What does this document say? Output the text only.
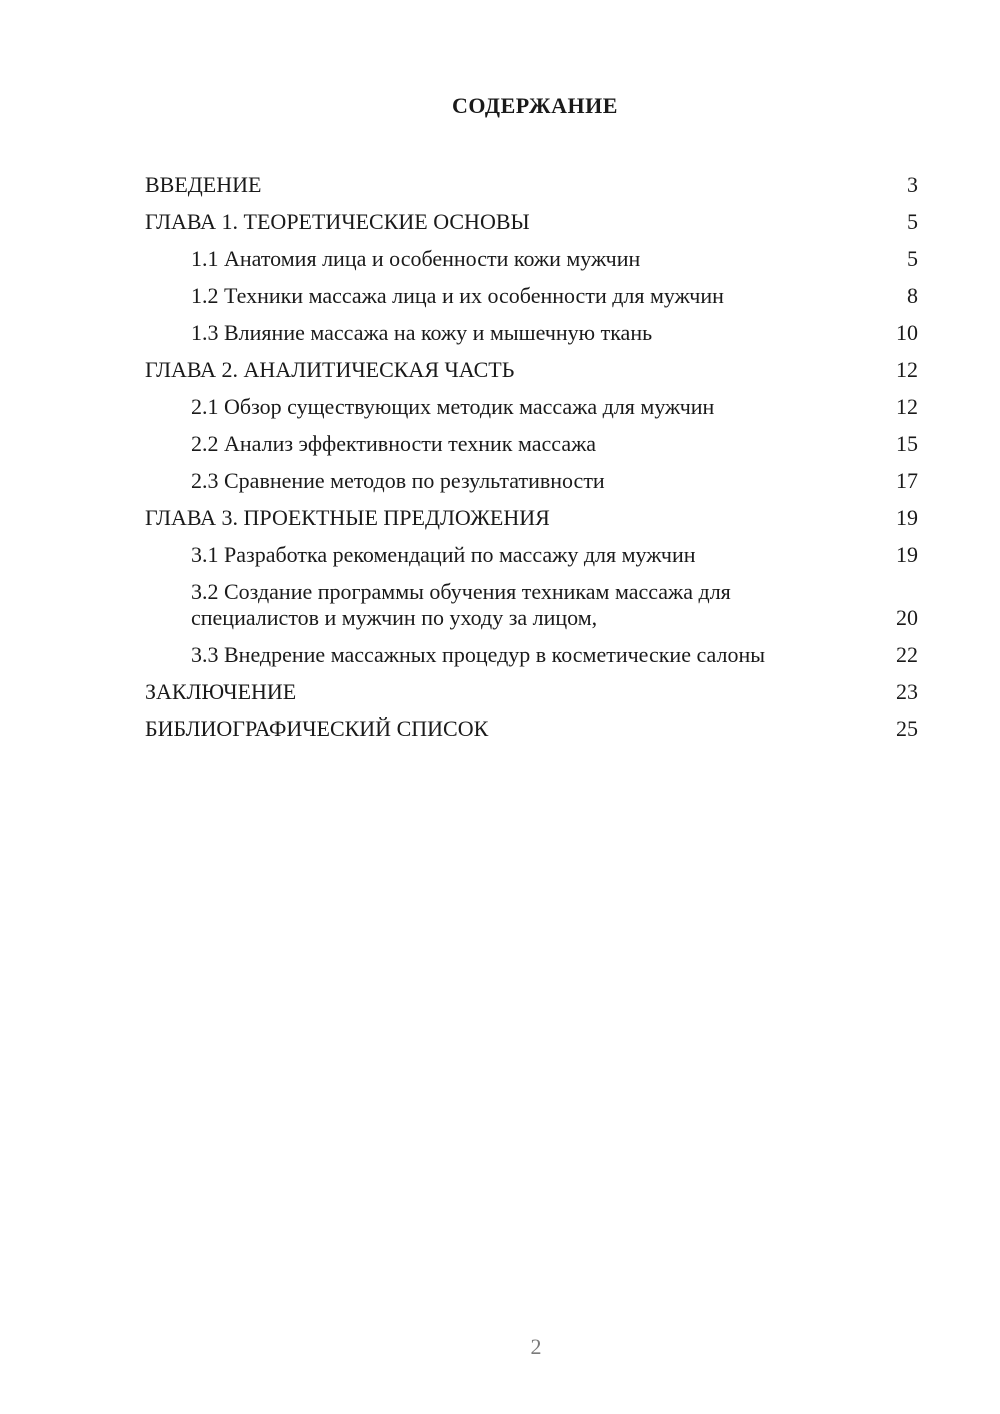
СОДЕРЖАНИЕ
ВВЕДЕНИЕ	3
ГЛАВА 1. ТЕОРЕТИЧЕСКИЕ ОСНОВЫ	5
1.1 Анатомия лица и особенности кожи мужчин	5
1.2 Техники массажа лица и их особенности для мужчин	8
1.3 Влияние массажа на кожу и мышечную ткань	10
ГЛАВА 2. АНАЛИТИЧЕСКАЯ ЧАСТЬ	12
2.1 Обзор существующих методик массажа для мужчин	12
2.2 Анализ эффективности техник массажа	15
2.3 Сравнение методов по результативности	17
ГЛАВА 3. ПРОЕКТНЫЕ ПРЕДЛОЖЕНИЯ	19
3.1 Разработка рекомендаций по массажу для мужчин	19
3.2 Создание программы обучения техникам массажа для специалистов и мужчин по уходу за лицом,	20
3.3 Внедрение массажных процедур в косметические салоны	22
ЗАКЛЮЧЕНИЕ	23
БИБЛИОГРАФИЧЕСКИЙ СПИСОК	25
2
